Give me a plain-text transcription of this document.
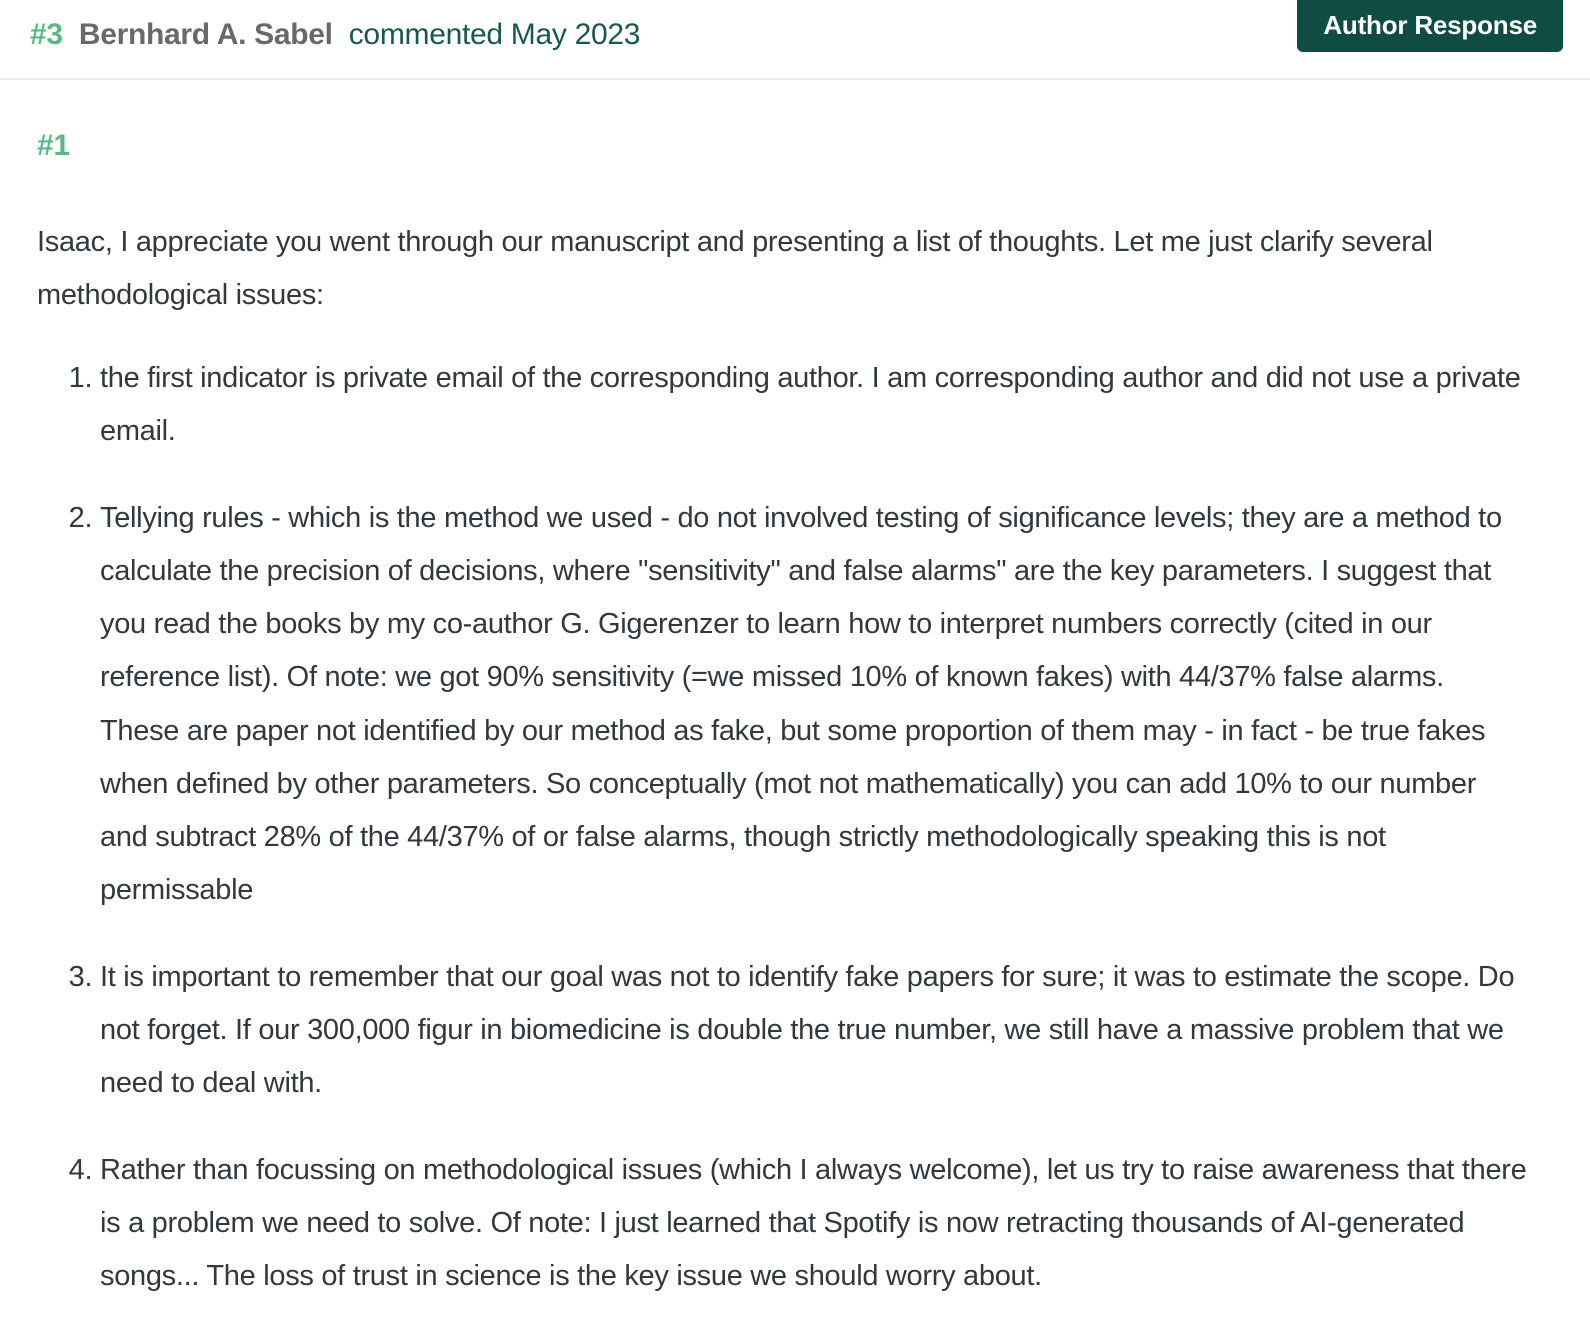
#3 Bernhard A. Sabel commented May 2023	Author Response
#1

Isaac, I appreciate you went through our manuscript and presenting a list of thoughts. Let me just clarify several methodological issues:

1. the first indicator is private email of the corresponding author. I am corresponding author and did not use a private email.
2. Tellying rules - which is the method we used - do not involved testing of significance levels; they are a method to calculate the precision of decisions, where "sensitivity" and false alarms" are the key parameters. I suggest that you read the books by my co-author G. Gigerenzer to learn how to interpret numbers correctly (cited in our reference list). Of note: we got 90% sensitivity (=we missed 10% of known fakes) with 44/37% false alarms. These are paper not identified by our method as fake, but some proportion of them may - in fact - be true fakes when defined by other parameters. So conceptually (mot not mathematically) you can add 10% to our number and subtract 28% of the 44/37% of or false alarms, though strictly methodologically speaking this is not permissable
3. It is important to remember that our goal was not to identify fake papers for sure; it was to estimate the scope. Do not forget. If our 300,000 figur in biomedicine is double the true number, we still have a massive problem that we need to deal with.
4. Rather than focussing on methodological issues (which I always welcome), let us try to raise awareness that there is a problem we need to solve. Of note: I just learned that Spotify is now retracting thousands of AI-generated songs... The loss of trust in science is the key issue we should worry about.
